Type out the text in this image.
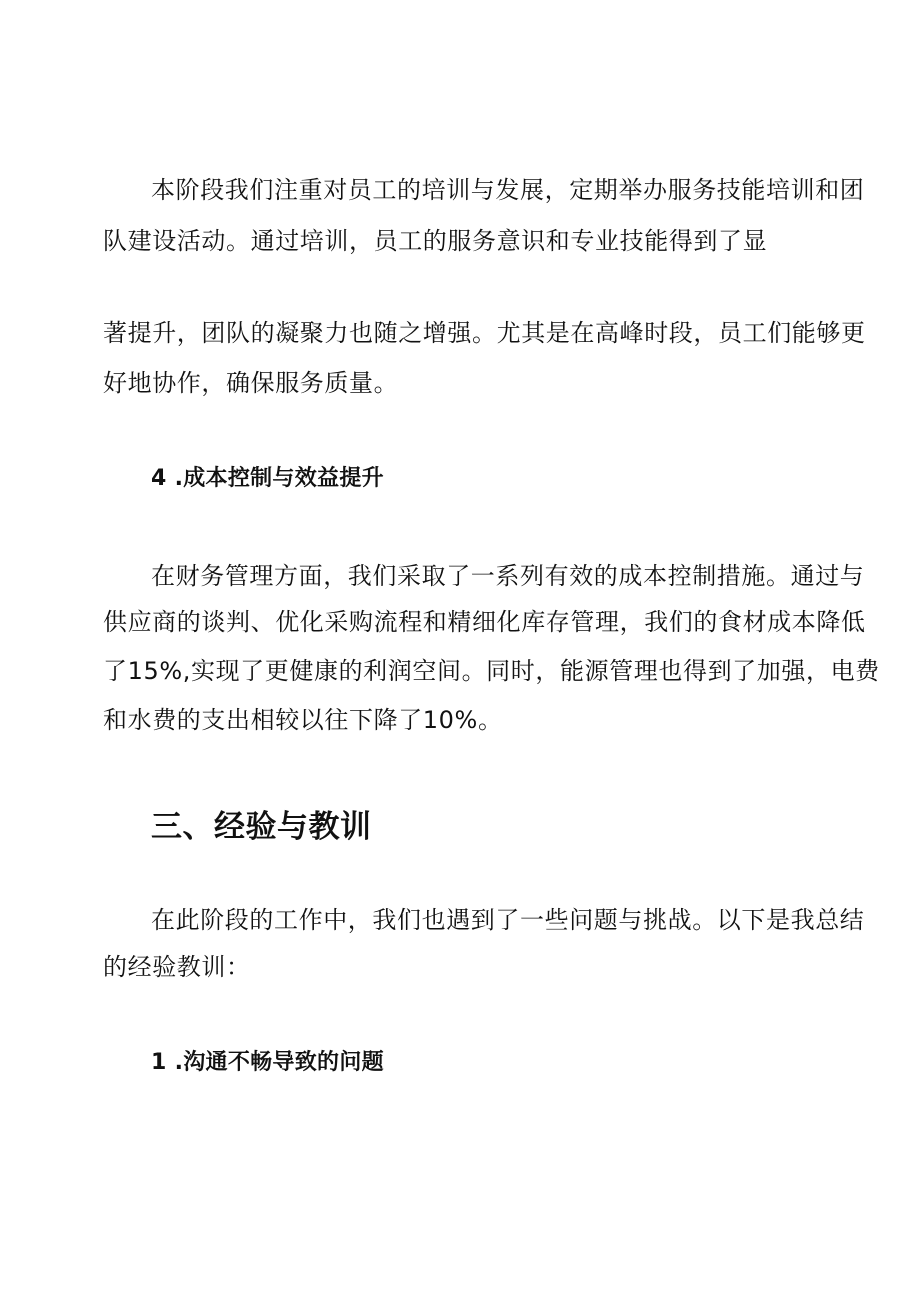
本阶段我们注重对员工的培训与发展，定期举办服务技能培训和团

队建设活动。通过培训，员工的服务意识和专业技能得到了显

著提升，团队的凝聚力也随之增强。尤其是在高峰时段，员工们能够更

好地协作，确保服务质量。

4 .成本控制与效益提升

在财务管理方面，我们采取了一系列有效的成本控制措施。通过与

供应商的谈判、优化采购流程和精细化库存管理，我们的食材成本降低

了15%,实现了更健康的利润空间。同时，能源管理也得到了加强，电费

和水费的支出相较以往下降了10%。

三、经验与教训

在此阶段的工作中，我们也遇到了一些问题与挑战。以下是我总结

的经验教训：

1 .沟通不畅导致的问题
